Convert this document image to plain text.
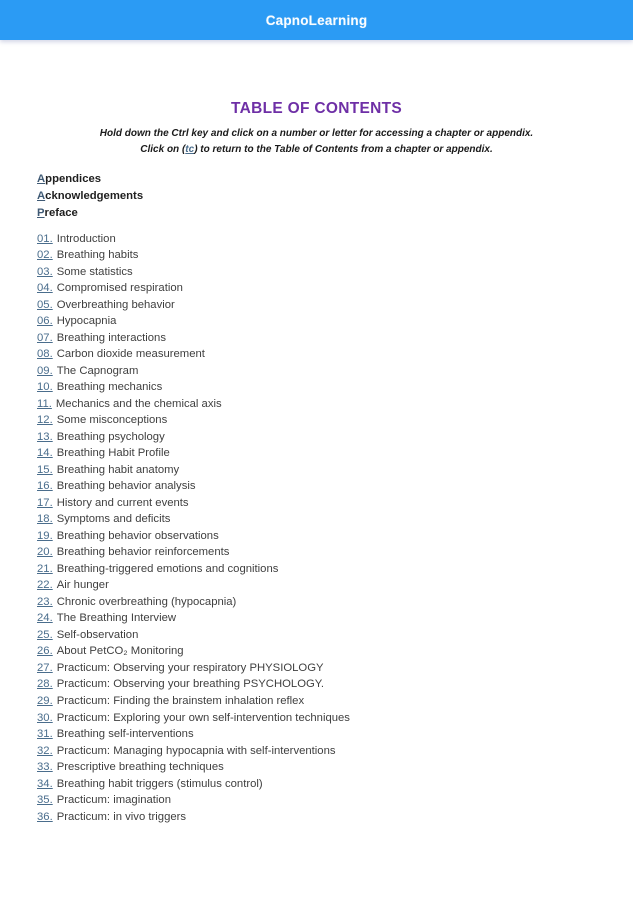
CapnoLearning
TABLE OF CONTENTS
Hold down the Ctrl key and click on a number or letter for accessing a chapter or appendix.
Click on (tc) to return to the Table of Contents from a chapter or appendix.
Appendices
Acknowledgements
Preface
01. Introduction
02. Breathing habits
03. Some statistics
04. Compromised respiration
05. Overbreathing behavior
06. Hypocapnia
07. Breathing interactions
08. Carbon dioxide measurement
09. The Capnogram
10. Breathing mechanics
11. Mechanics and the chemical axis
12. Some misconceptions
13. Breathing psychology
14. Breathing Habit Profile
15. Breathing habit anatomy
16. Breathing behavior analysis
17. History and current events
18. Symptoms and deficits
19. Breathing behavior observations
20. Breathing behavior reinforcements
21. Breathing-triggered emotions and cognitions
22. Air hunger
23. Chronic overbreathing (hypocapnia)
24. The Breathing Interview
25. Self-observation
26. About PetCO₂ Monitoring
27. Practicum: Observing your respiratory PHYSIOLOGY
28. Practicum: Observing your breathing PSYCHOLOGY.
29. Practicum: Finding the brainstem inhalation reflex
30. Practicum: Exploring your own self-intervention techniques
31. Breathing self-interventions
32. Practicum: Managing hypocapnia with self-interventions
33. Prescriptive breathing techniques
34. Breathing habit triggers (stimulus control)
35. Practicum: imagination
36. Practicum: in vivo triggers
